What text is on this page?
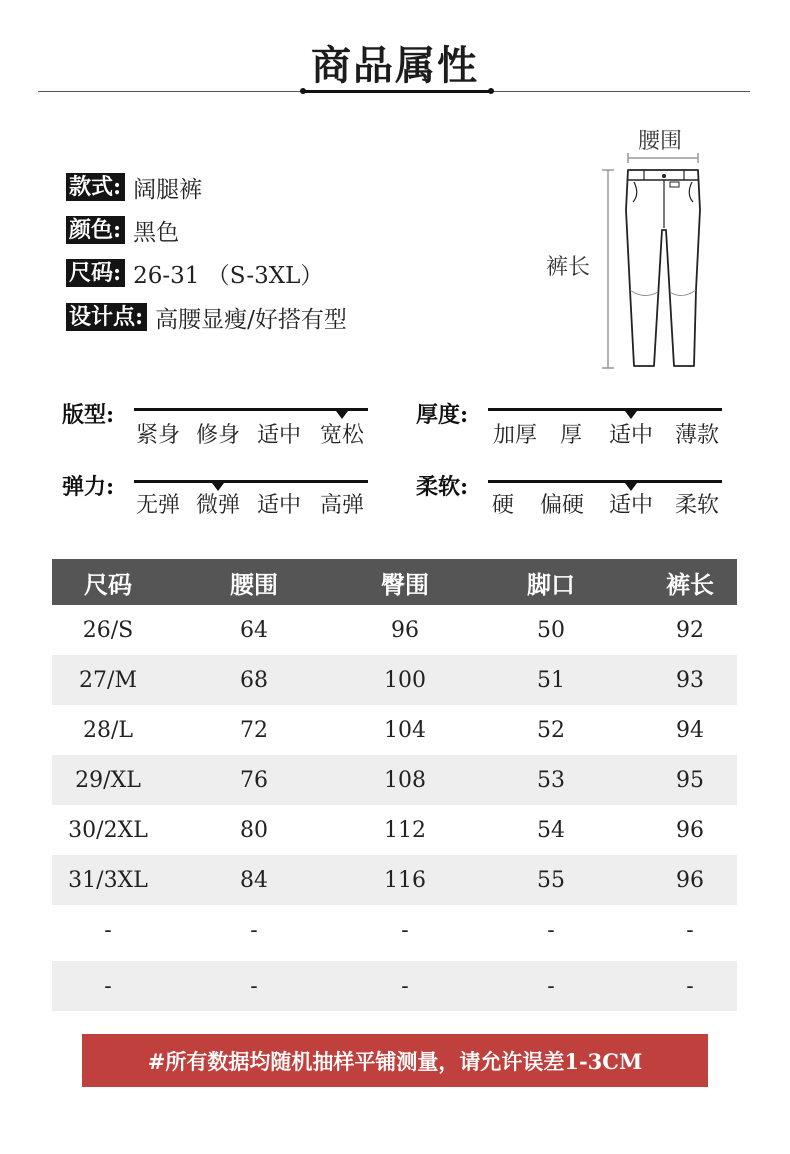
商品属性
款式: 阔腿裤
颜色: 黑色
尺码: 26-31 （S-3XL）
设计点: 高腰显瘦/好搭有型
腰围
裤长
版型:
紧身 修身 适中 宽松
厚度:
加厚 厚 适中 薄款
弹力:
无弹 微弹 适中 高弹
柔软:
硬 偏硬 适中 柔软
尺码	腰围	臀围	脚口	裤长
26/S	64	96	50	92
27/M	68	100	51	93
28/L	72	104	52	94
29/XL	76	108	53	95
30/2XL	80	112	54	96
31/3XL	84	116	55	96
-	-	-	-	-
-	-	-	-	-
#所有数据均随机抽样平铺测量，请允许误差1-3CM
